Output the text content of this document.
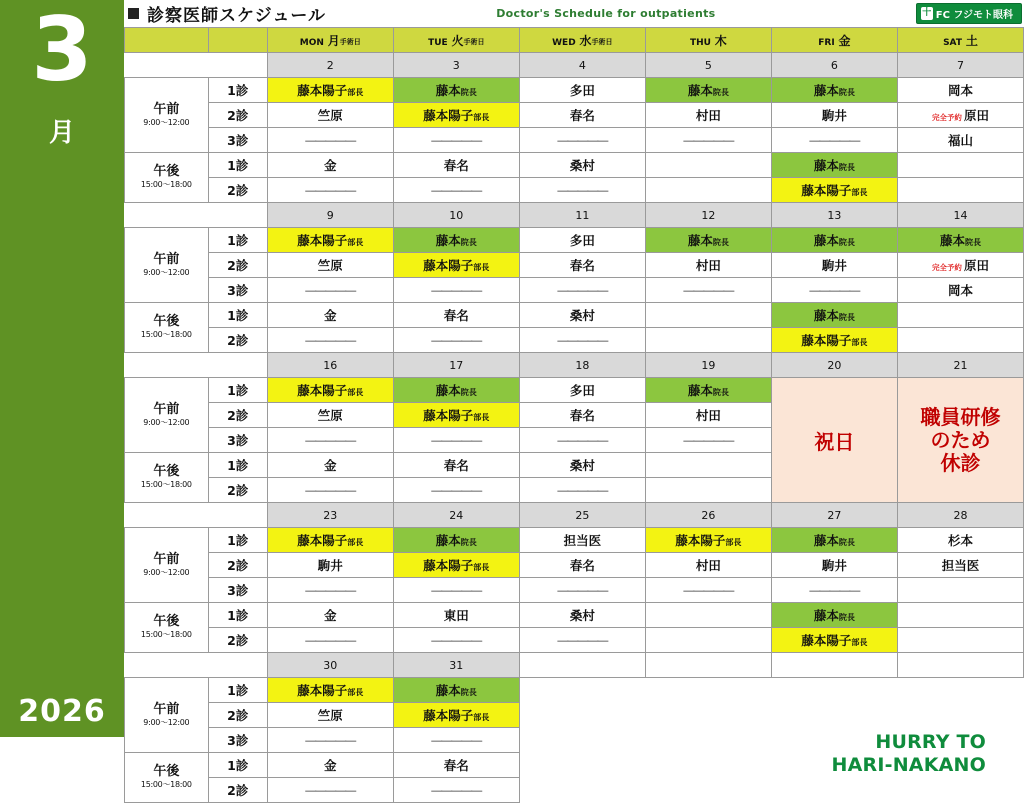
3
月
2026
診察医師スケジュール	Doctor's Schedule for outpatients	十 FC フジモト眼科
		MON 月手術日	TUE 火手術日	WED 水手術日	THU 木	FRI 金	SAT 土
		2	3	4	5	6	7
午前
9:00～12:00	1診	藤本陽子部長	藤本院長	多田	藤本院長	藤本院長	岡本
	2診	竺原	藤本陽子部長	春名	村田	駒井	完全予約 原田
	3診	―――――	―――――	―――――	―――――	―――――	福山
午後
15:00～18:00	1診	金	春名	桑村		藤本院長	
	2診	―――――	―――――	―――――		藤本陽子部長	
		9	10	11	12	13	14
午前
9:00～12:00	1診	藤本陽子部長	藤本院長	多田	藤本院長	藤本院長	藤本院長
	2診	竺原	藤本陽子部長	春名	村田	駒井	完全予約 原田
	3診	―――――	―――――	―――――	―――――	―――――	岡本
午後
15:00～18:00	1診	金	春名	桑村		藤本院長	
	2診	―――――	―――――	―――――		藤本陽子部長	
		16	17	18	19	20	21
午前
9:00～12:00	1診	藤本陽子部長	藤本院長	多田	藤本院長	祝日	職員研修
のため
休診
	2診	竺原	藤本陽子部長	春名	村田		
	3診	―――――	―――――	―――――	―――――		
午後
15:00～18:00	1診	金	春名	桑村			
	2診	―――――	―――――	―――――			
		23	24	25	26	27	28
午前
9:00～12:00	1診	藤本陽子部長	藤本院長	担当医	藤本陽子部長	藤本院長	杉本
	2診	駒井	藤本陽子部長	春名	村田	駒井	担当医
	3診	―――――	―――――	―――――	―――――	―――――	
午後
15:00～18:00	1診	金	東田	桑村		藤本院長	
	2診	―――――	―――――	―――――		藤本陽子部長	
		30	31				
午前
9:00～12:00	1診	藤本陽子部長	藤本院長				
	2診	竺原	藤本陽子部長				
	3診	―――――	―――――				
午後
15:00～18:00	1診	金	春名				
	2診	―――――	―――――				
HURRY TO
HARI-NAKANO
